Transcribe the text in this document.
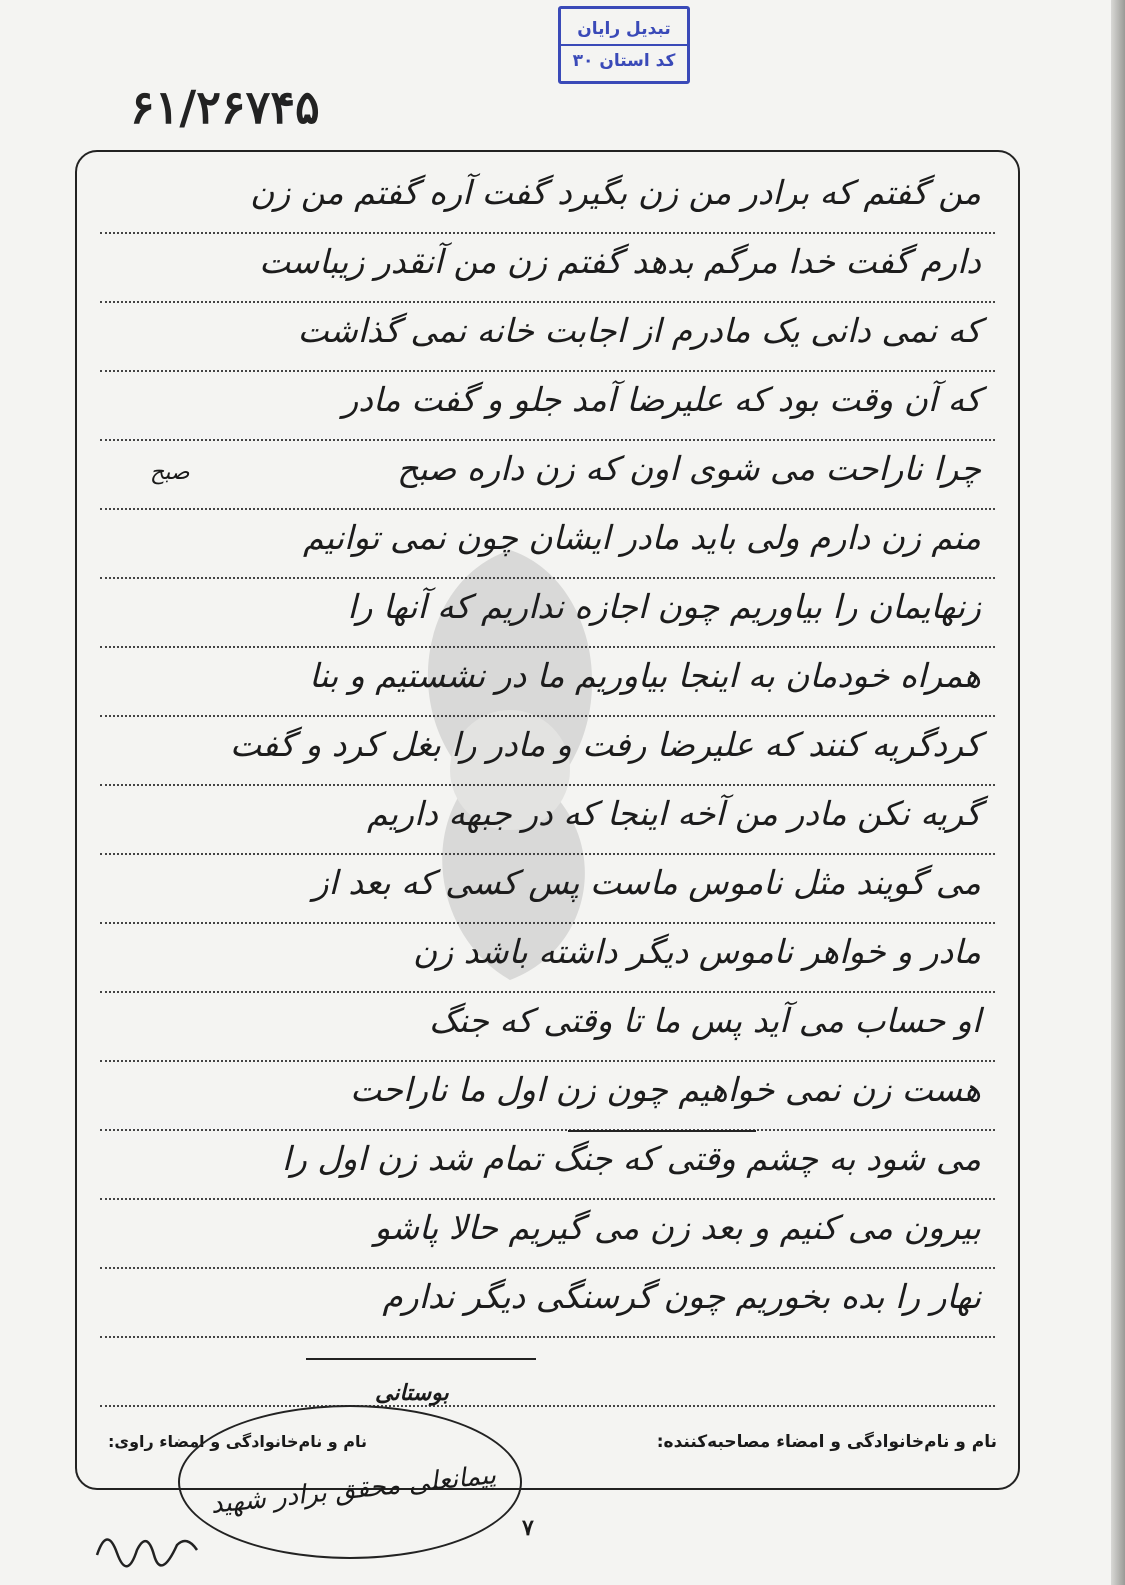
تبدیل رایان
کد استان ۳۰
۶۱/۲۶۷۴۵
صبح
من گفتم که برادر من زن بگیرد گفت آره گفتم من زن
دارم گفت خدا مرگم بدهد گفتم زن من آنقدر زیباست
که نمی دانی یک مادرم از اجابت خانه نمی گذاشت
که آن وقت بود که علیرضا آمد جلو و گفت مادر
چرا ناراحت می شوی اون که زن داره صبح
منم زن دارم ولی باید مادر ایشان چون نمی توانیم
زنهایمان را بیاوریم چون اجازه نداریم که آنها را
همراه خودمان به اینجا بیاوریم ما در نشستیم و بنا
کردگریه کنند که علیرضا رفت و مادر را بغل کرد و گفت
گریه نکن مادر من آخه اینجا که در جبهه داریم
می گویند مثل ناموس ماست پس کسی که بعد از
مادر و خواهر ناموس دیگر داشته باشد زن
او حساب می آید پس ما تا وقتی که جنگ
هست زن نمی خواهیم چون زن اول ما ناراحت
می شود به چشم وقتی که جنگ تمام شد زن اول را
بیرون می کنیم و بعد زن می گیریم حالا پاشو
نهار را بده بخوریم چون گرسنگی دیگر ندارم
بوستانی
نام و نام‌خانوادگی و امضاء مصاحبه‌کننده:
نام و نام‌خانوادگی و امضاء راوی:
پیمانعلی محقق برادر شهید
۷
